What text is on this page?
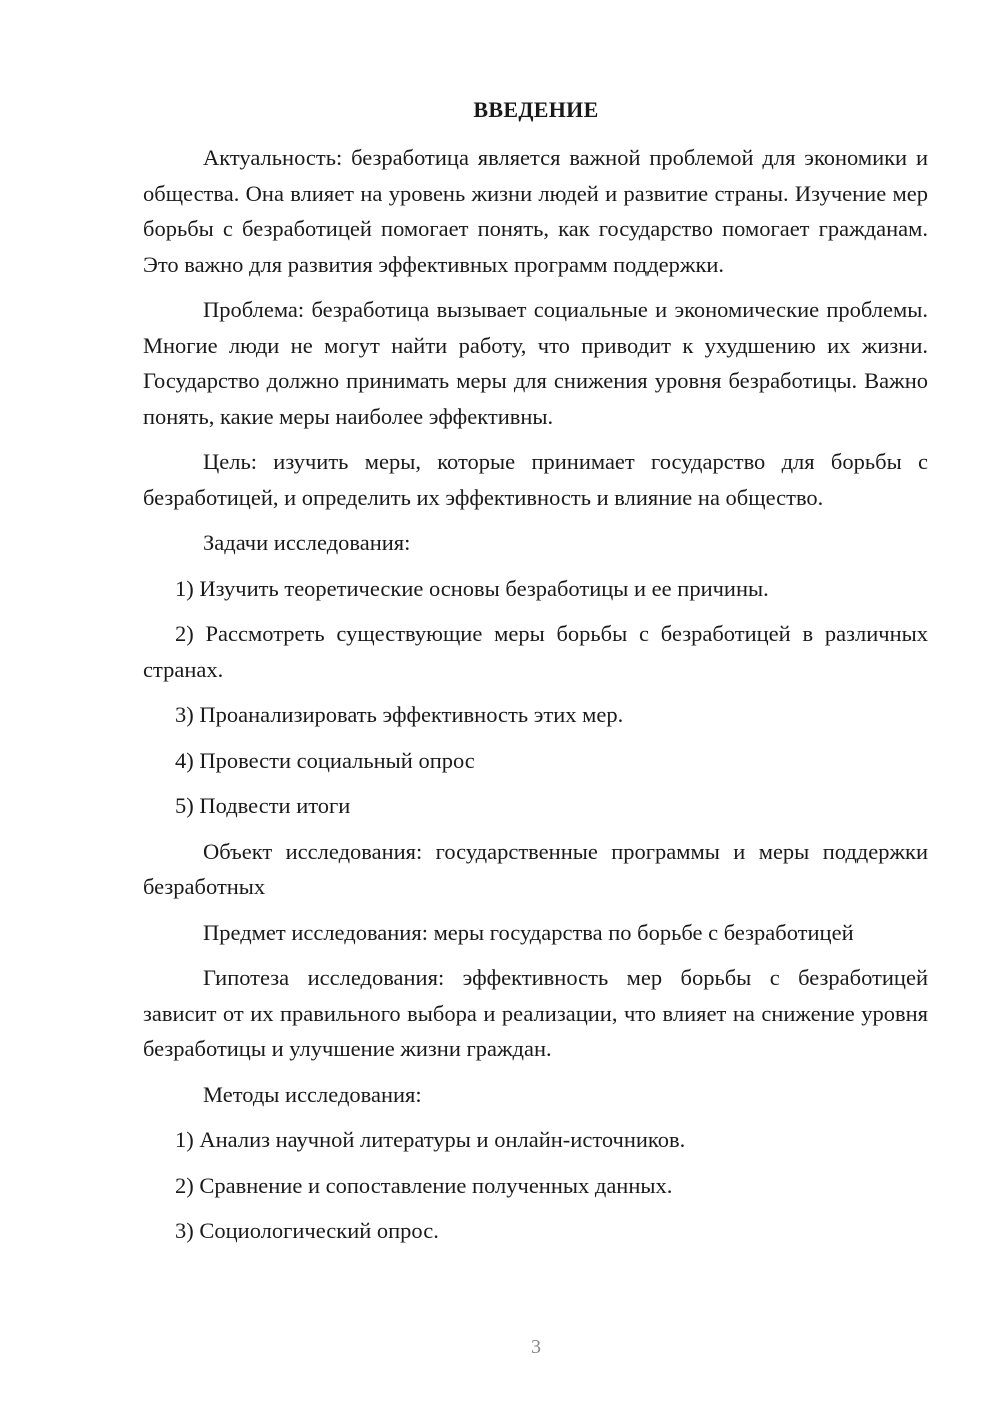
ВВЕДЕНИЕ

Актуальность: безработица является важной проблемой для экономики и общества. Она влияет на уровень жизни людей и развитие страны. Изучение мер борьбы с безработицей помогает понять, как государство помогает гражданам. Это важно для развития эффективных программ поддержки.

Проблема: безработица вызывает социальные и экономические проблемы. Многие люди не могут найти работу, что приводит к ухудшению их жизни. Государство должно принимать меры для снижения уровня безработицы. Важно понять, какие меры наиболее эффективны.

Цель: изучить меры, которые принимает государство для борьбы с безработицей, и определить их эффективность и влияние на общество.

Задачи исследования:

1) Изучить теоретические основы безработицы и ее причины.

2) Рассмотреть существующие меры борьбы с безработицей в различных странах.

3) Проанализировать эффективность этих мер.

4) Провести социальный опрос

5) Подвести итоги

Объект исследования: государственные программы и меры поддержки безработных

Предмет исследования: меры государства по борьбе с безработицей

Гипотеза исследования: эффективность мер борьбы с безработицей зависит от их правильного выбора и реализации, что влияет на снижение уровня безработицы и улучшение жизни граждан.

Методы исследования:

1) Анализ научной литературы и онлайн-источников.

2) Сравнение и сопоставление полученных данных.

3) Социологический опрос.

3
